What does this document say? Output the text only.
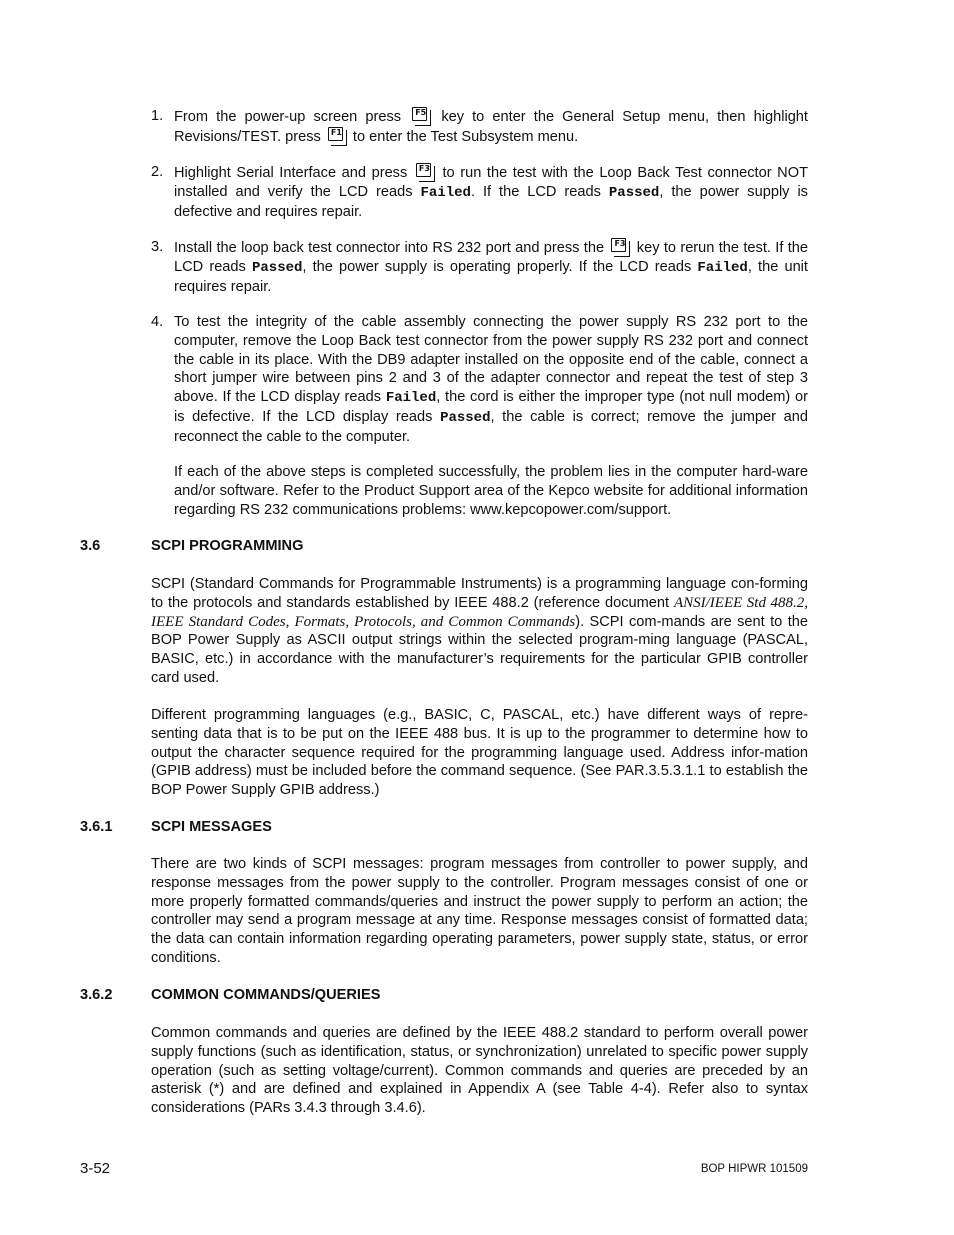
1. From the power-up screen press	F5 key to enter the General Setup menu, then highlight Revisions/TEST. press	F1 to enter the Test Subsystem menu.
2. Highlight Serial Interface and press	F3 to run the test with the Loop Back Test connector NOT installed and verify the LCD reads Failed. If the LCD reads Passed, the power supply is defective and requires repair.
3. Install the loop back test connector into RS 232 port and press the	F3 key to rerun the test. If the LCD reads Passed, the power supply is operating properly. If the LCD reads Failed, the unit requires repair.
4. To test the integrity of the cable assembly connecting the power supply RS 232 port to the computer, remove the Loop Back test connector from the power supply RS 232 port and connect the cable in its place. With the DB9 adapter installed on the opposite end of the cable, connect a short jumper wire between pins 2 and 3 of the adapter connector and repeat the test of step 3 above. If the LCD display reads Failed, the cord is either the improper type (not null modem) or is defective. If the LCD display reads Passed, the cable is correct; remove the jumper and reconnect the cable to the computer.
If each of the above steps is completed successfully, the problem lies in the computer hard-ware and/or software. Refer to the Product Support area of the Kepco website for additional information regarding RS 232 communications problems: www.kepcopower.com/support.
3.6	SCPI PROGRAMMING
SCPI (Standard Commands for Programmable Instruments) is a programming language con-forming to the protocols and standards established by IEEE 488.2 (reference document ANSI/IEEE Std 488.2, IEEE Standard Codes, Formats, Protocols, and Common Commands). SCPI com-mands are sent to the BOP Power Supply as ASCII output strings within the selected program-ming language (PASCAL, BASIC, etc.) in accordance with the manufacturer’s requirements for the particular GPIB controller card used.
Different programming languages (e.g., BASIC, C, PASCAL, etc.) have different ways of repre-senting data that is to be put on the IEEE 488 bus. It is up to the programmer to determine how to output the character sequence required for the programming language used. Address infor-mation (GPIB address) must be included before the command sequence. (See PAR.3.5.3.1.1 to establish the BOP Power Supply GPIB address.)
3.6.1	SCPI MESSAGES
There are two kinds of SCPI messages: program messages from controller to power supply, and response messages from the power supply to the controller. Program messages consist of one or more properly formatted commands/queries and instruct the power supply to perform an action; the controller may send a program message at any time. Response messages consist of formatted data; the data can contain information regarding operating parameters, power supply state, status, or error conditions.
3.6.2	COMMON COMMANDS/QUERIES
Common commands and queries are defined by the IEEE 488.2 standard to perform overall power supply functions (such as identification, status, or synchronization) unrelated to specific power supply operation (such as setting voltage/current). Common commands and queries are preceded by an asterisk (*) and are defined and explained in Appendix A (see Table 4-4). Refer also to syntax considerations (PARs 3.4.3 through 3.4.6).
3-52	BOP HIPWR 101509
